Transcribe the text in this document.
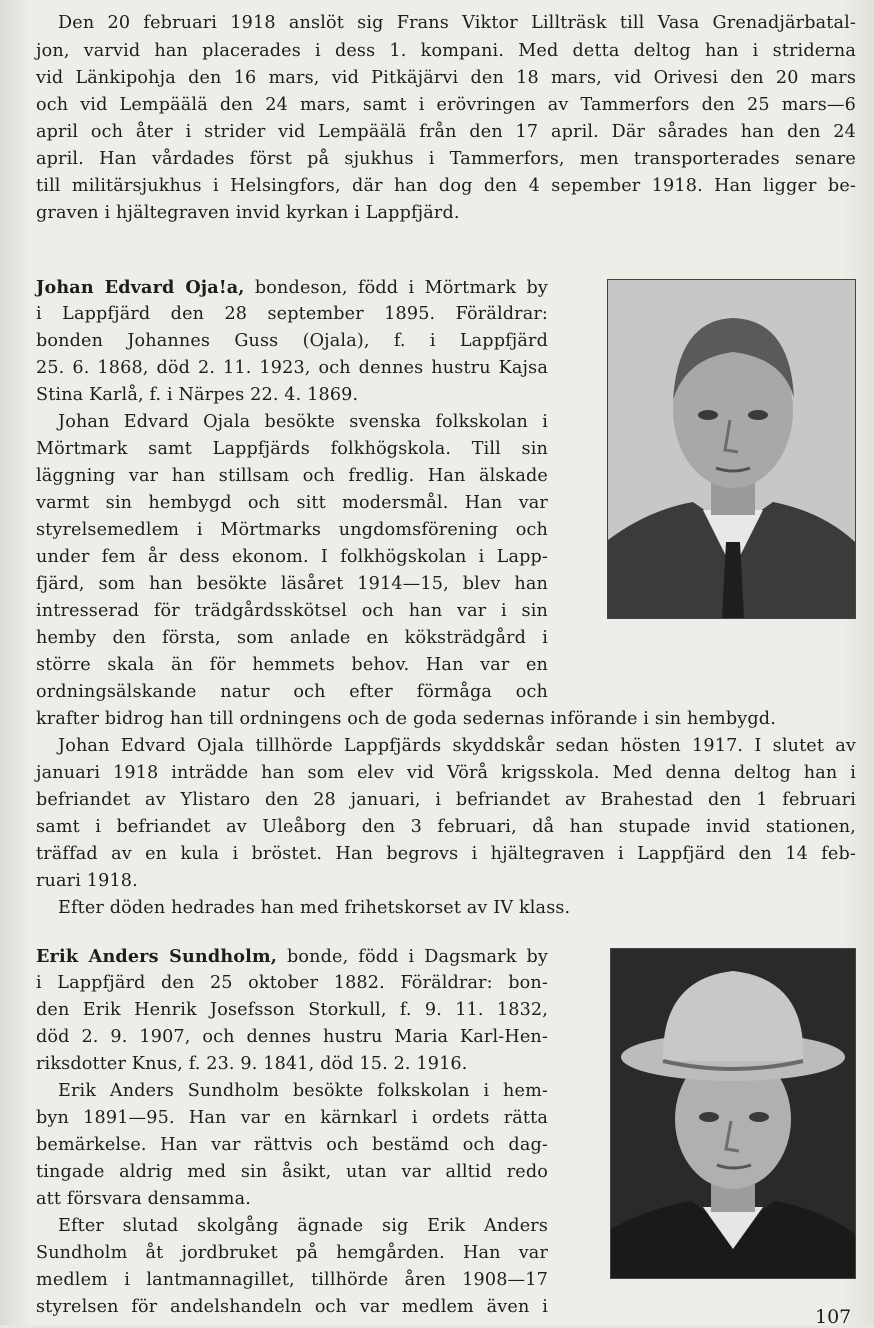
Den 20 februari 1918 anslöt sig Frans Viktor Lillträsk till Vasa Grenadjärbatal-
jon, varvid han placerades i dess 1. kompani. Med detta deltog han i striderna
vid Länkipohja den 16 mars, vid Pitkäjärvi den 18 mars, vid Orivesi den 20 mars
och vid Lempäälä den 24 mars, samt i erövringen av Tammerfors den 25 mars—6
april och åter i strider vid Lempäälä från den 17 april. Där sårades han den 24
april. Han vårdades först på sjukhus i Tammerfors, men transporterades senare
till militärsjukhus i Helsingfors, där han dog den 4 sepember 1918. Han ligger be-
graven i hjältegraven invid kyrkan i Lappfjärd.
Johan Edvard Oja!a, bondeson, född i Mörtmark by
i Lappfjärd den 28 september 1895. Föräldrar:
bonden Johannes Guss (Ojala), f. i Lappfjärd
25. 6. 1868, död 2. 11. 1923, och dennes hustru Kajsa
Stina Karlå, f. i Närpes 22. 4. 1869.
Johan Edvard Ojala besökte svenska folkskolan i
Mörtmark samt Lappfjärds folkhögskola. Till sin
läggning var han stillsam och fredlig. Han älskade
varmt sin hembygd och sitt modersmål. Han var
styrelsemedlem i Mörtmarks ungdomsförening och
under fem år dess ekonom. I folkhögskolan i Lapp-
fjärd, som han besökte läsåret 1914—15, blev han
intresserad för trädgårdsskötsel och han var i sin
hemby den första, som anlade en köksträdgård i
större skala än för hemmets behov. Han var en
ordningsälskande natur och efter förmåga och
krafter bidrog han till ordningens och de goda sedernas införande i sin hembygd.
Johan Edvard Ojala tillhörde Lappfjärds skyddskår sedan hösten 1917. I slutet av
januari 1918 inträdde han som elev vid Vörå krigsskola. Med denna deltog han i
befriandet av Ylistaro den 28 januari, i befriandet av Brahestad den 1 februari
samt i befriandet av Uleåborg den 3 februari, då han stupade invid stationen,
träffad av en kula i bröstet. Han begrovs i hjältegraven i Lappfjärd den 14 feb-
ruari 1918.
Efter döden hedrades han med frihetskorset av IV klass.
Erik Anders Sundholm, bonde, född i Dagsmark by
i Lappfjärd den 25 oktober 1882. Föräldrar: bon-
den Erik Henrik Josefsson Storkull, f. 9. 11. 1832,
död 2. 9. 1907, och dennes hustru Maria Karl-Hen-
riksdotter Knus, f. 23. 9. 1841, död 15. 2. 1916.
Erik Anders Sundholm besökte folkskolan i hem-
byn 1891—95. Han var en kärnkarl i ordets rätta
bemärkelse. Han var rättvis och bestämd och dag-
tingade aldrig med sin åsikt, utan var alltid redo
att försvara densamma.
Efter slutad skolgång ägnade sig Erik Anders
Sundholm åt jordbruket på hemgården. Han var
medlem i lantmannagillet, tillhörde åren 1908—17
styrelsen för andelshandeln och var medlem även i	107
